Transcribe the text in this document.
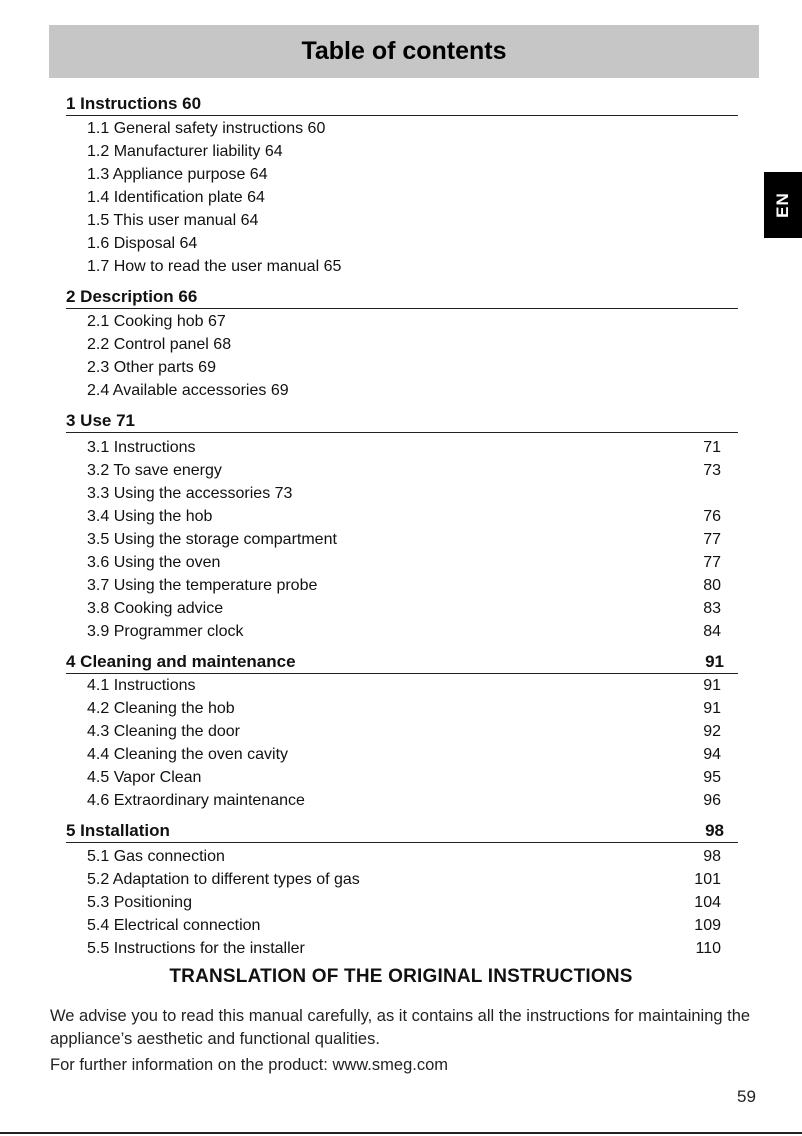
Table of contents
EN
1 Instructions 60
1.1 General safety instructions 60
1.2 Manufacturer liability 64
1.3 Appliance purpose 64
1.4 Identification plate 64
1.5 This user manual 64
1.6 Disposal 64
1.7 How to read the user manual 65
2 Description 66
2.1 Cooking hob 67
2.2 Control panel 68
2.3 Other parts 69
2.4 Available accessories 69
3 Use 71
3.1 Instructions	71
3.2 To save energy	73
3.3 Using the accessories 73
3.4 Using the hob	76
3.5 Using the storage compartment	77
3.6 Using the oven	77
3.7 Using the temperature probe	80
3.8 Cooking advice	83
3.9 Programmer clock	84
4 Cleaning and maintenance	91
4.1 Instructions	91
4.2 Cleaning the hob	91
4.3 Cleaning the door	92
4.4 Cleaning the oven cavity	94
4.5 Vapor Clean	95
4.6 Extraordinary maintenance	96
5 Installation	98
5.1 Gas connection	98
5.2 Adaptation to different types of gas	101
5.3 Positioning	104
5.4 Electrical connection	109
5.5 Instructions for the installer	110
TRANSLATION OF THE ORIGINAL INSTRUCTIONS
We advise you to read this manual carefully, as it contains all the instructions for maintaining the appliance’s aesthetic and functional qualities.
For further information on the product: www.smeg.com
59
